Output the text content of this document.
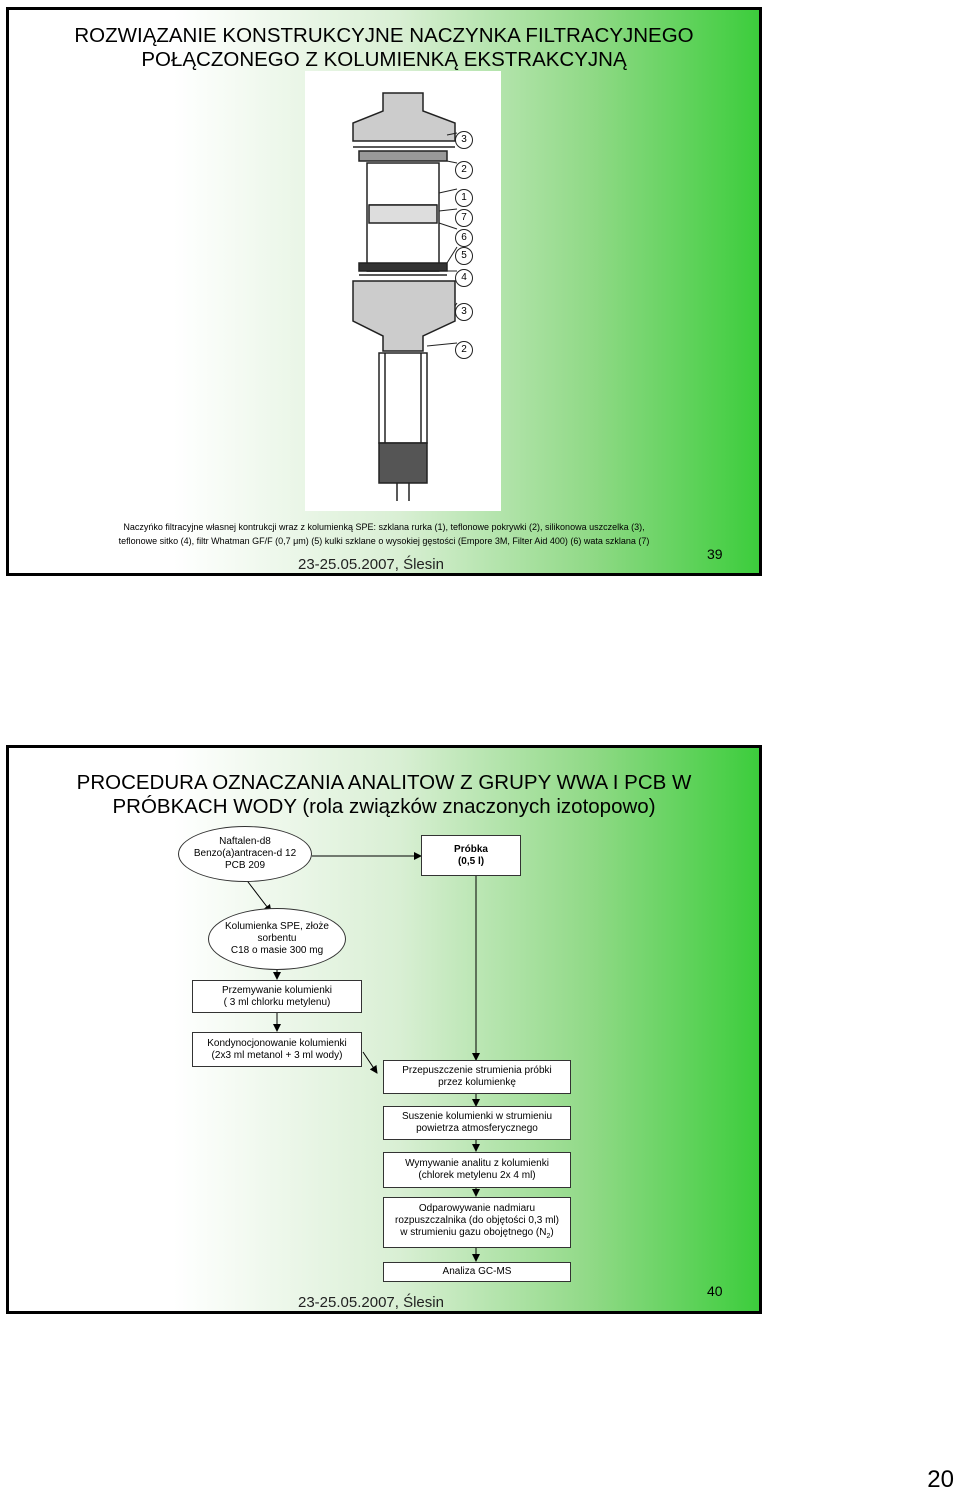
ROZWIĄZANIE KONSTRUKCYJNE NACZYNKA FILTRACYJNEGO
POŁĄCZONEGO Z KOLUMIENKĄ EKSTRAKCYJNĄ
3
2
1
7
6
5
4
3
2
Naczyńko filtracyjne własnej kontrukcji wraz z kolumienką SPE: szklana rurka (1), teflonowe pokrywki (2), silikonowa uszczelka (3),
teflonowe sitko (4), filtr Whatman GF/F (0,7 μm) (5) kulki szklane o wysokiej gęstości (Empore 3M, Filter Aid 400) (6) wata szklana (7)
23-25.05.2007, Ślesin
39
PROCEDURA OZNACZANIA ANALITOW Z GRUPY WWA I PCB W
PRÓBKACH WODY (rola związków znaczonych izotopowo)
Naftalen-d8
Benzo(a)antracen-d 12
PCB 209
Próbka
(0,5 l)
Kolumienka SPE, złoże
sorbentu
C18 o masie 300 mg
Przemywanie kolumienki
( 3 ml chlorku metylenu)
Kondynocjonowanie kolumienki
(2x3 ml metanol + 3 ml wody)
Przepuszczenie strumienia próbki
przez kolumienkę
Suszenie kolumienki w strumieniu
powietrza atmosferycznego
Wymywanie analitu z kolumienki
(chlorek metylenu 2x 4 ml)
Odparowywanie nadmiaru
rozpuszczalnika (do objętości 0,3 ml)
w strumieniu gazu obojętnego $(N_2)$
Analiza GC-MS
23-25.05.2007, Ślesin
40
20
